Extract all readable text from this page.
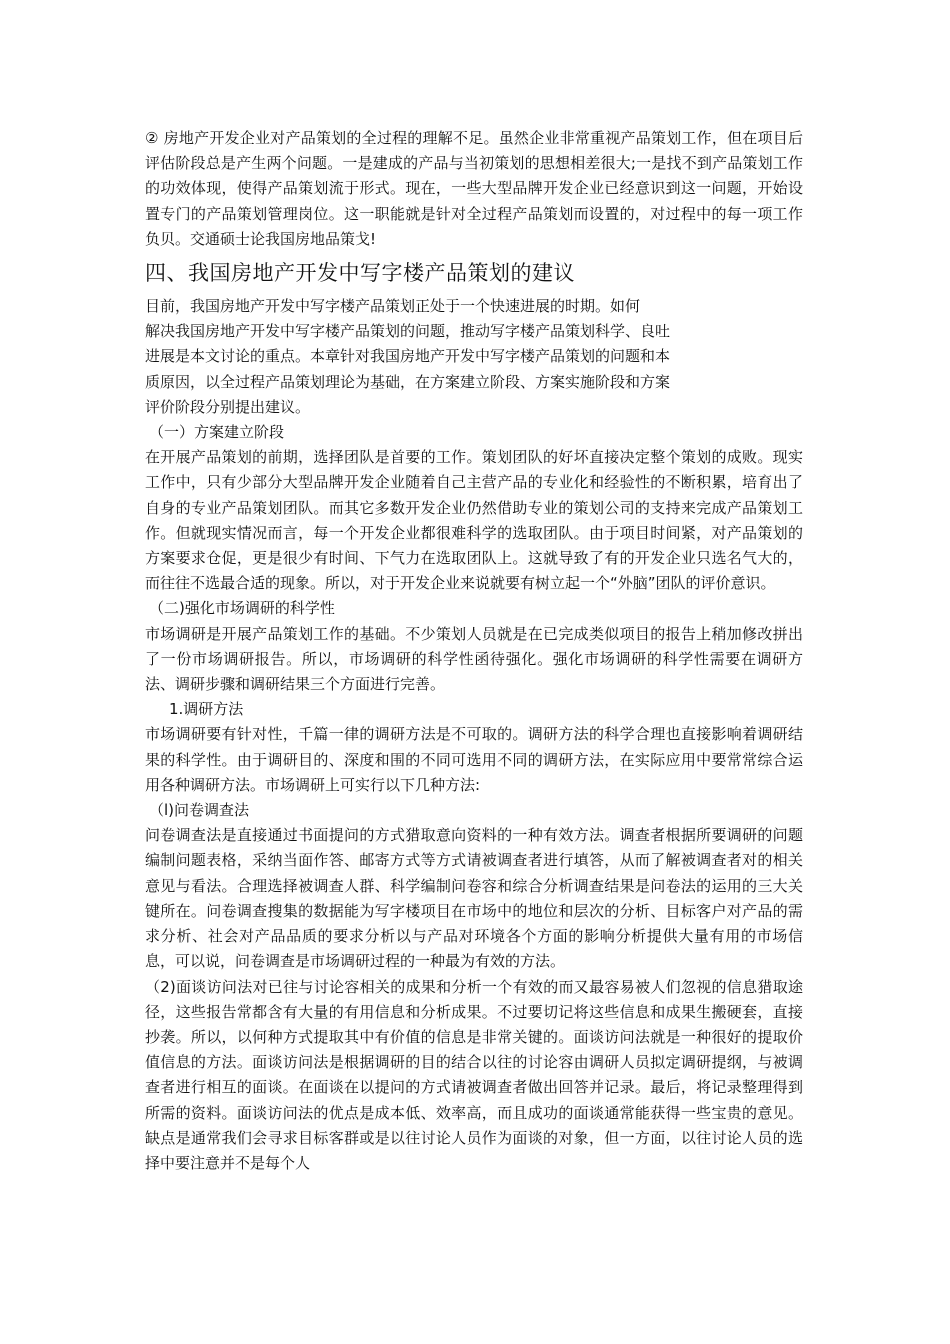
② 房地产开发企业对产品策划的全过程的理解不足。虽然企业非常重视产品策划工作，但在项目后评估阶段总是产生两个问题。一是建成的产品与当初策划的思想相差很大;一是找不到产品策划工作的功效体现，使得产品策划流于形式。现在，一些大型品牌开发企业已经意识到这一问题，开始设置专门的产品策划管理岗位。这一职能就是针对全过程产品策划而设置的，对过程中的每一项工作负贝。交通硕士论我国房地品策戈!

四、我国房地产开发中写字楼产品策划的建议
目前，我国房地产开发中写字楼产品策划正处于一个快速进展的时期。如何
解决我国房地产开发中写字楼产品策划的问题，推动写字楼产品策划科学、良吐
进展是本文讨论的重点。本章针对我国房地产开发中写字楼产品策划的问题和本
质原因，以全过程产品策划理论为基础，在方案建立阶段、方案实施阶段和方案
评价阶段分别提出建议。
（一）方案建立阶段

在开展产品策划的前期，选择团队是首要的工作。策划团队的好坏直接决定整个策划的成败。现实工作中，只有少部分大型品牌开发企业随着自己主营产品的专业化和经验性的不断积累，培育出了自身的专业产品策划团队。而其它多数开发企业仍然借助专业的策划公司的支持来完成产品策划工作。但就现实情况而言，每一个开发企业都很难科学的选取团队。由于项目时间紧，对产品策划的方案要求仓促，更是很少有时间、下气力在选取团队上。这就导致了有的开发企业只选名气大的，而往往不选最合适的现象。所以，对于开发企业来说就要有树立起一个“外脑”团队的评价意识。

（二)强化市场调研的科学性

市场调研是开展产品策划工作的基础。不少策划人员就是在已完成类似项目的报告上稍加修改拼出了一份市场调研报告。所以，市场调研的科学性函待强化。强化市场调研的科学性需要在调研方法、调研步骤和调研结果三个方面进行完善。

1.调研方法

市场调研要有针对性，千篇一律的调研方法是不可取的。调研方法的科学合理也直接影响着调研结果的科学性。由于调研目的、深度和围的不同可选用不同的调研方法，在实际应用中要常常综合运用各种调研方法。市场调研上可实行以下几种方法:

（l)问卷调查法

问卷调查法是直接通过书面提问的方式猎取意向资料的一种有效方法。调查者根据所要调研的问题编制问题表格，采纳当面作答、邮寄方式等方式请被调查者进行填答，从而了解被调查者对的相关意见与看法。合理选择被调查人群、科学编制问卷容和综合分析调查结果是问卷法的运用的三大关键所在。问卷调查搜集的数据能为写字楼项目在市场中的地位和层次的分析、目标客户对产品的需求分析、社会对产品品质的要求分析以与产品对环境各个方面的影响分析提供大量有用的市场信息，可以说，问卷调查是市场调研过程的一种最为有效的方法。

（2)面谈访问法对已往与讨论容相关的成果和分析一个有效的而又最容易被人们忽视的信息猎取途径，这些报告常都含有大量的有用信息和分析成果。不过要切记将这些信息和成果生搬硬套，直接抄袭。所以，以何种方式提取其中有价值的信息是非常关键的。面谈访问法就是一种很好的提取价值信息的方法。面谈访问法是根据调研的目的结合以往的讨论容由调研人员拟定调研提纲，与被调查者进行相互的面谈。在面谈在以提问的方式请被调查者做出回答并记录。最后，将记录整理得到所需的资料。面谈访问法的优点是成本低、效率高，而且成功的面谈通常能获得一些宝贵的意见。缺点是通常我们会寻求目标客群或是以往讨论人员作为面谈的对象，但一方面，以往讨论人员的选择中要注意并不是每个人
